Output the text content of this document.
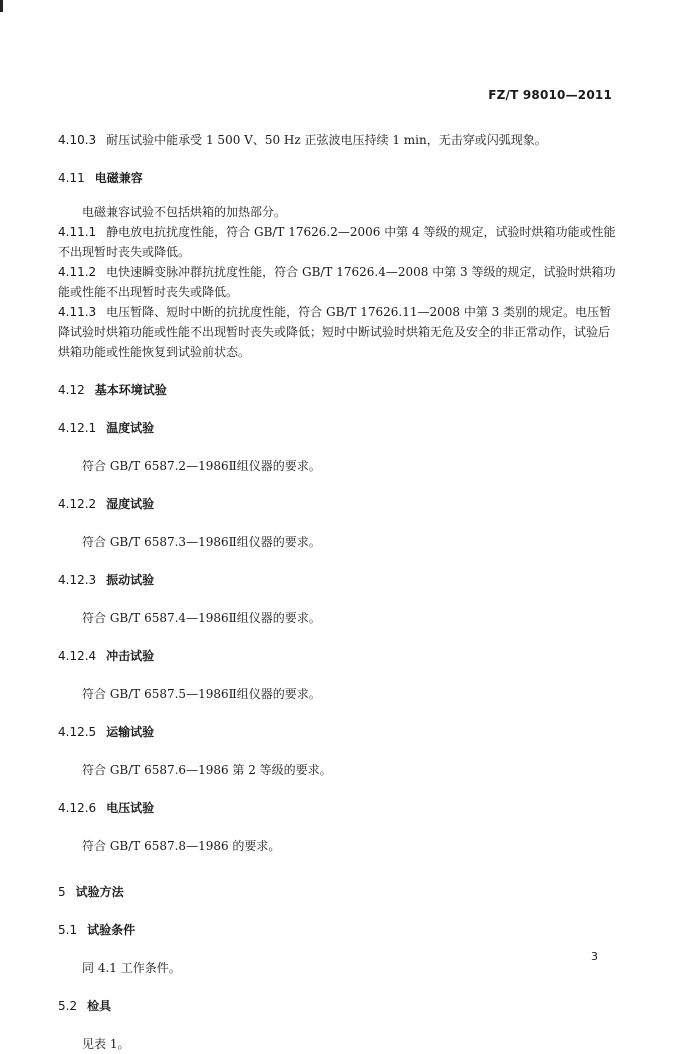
FZ/T 98010—2011

4.10.3 耐压试验中能承受 1 500 V、50 Hz 正弦波电压持续 1 min，无击穿或闪弧现象。

4.11 电磁兼容

电磁兼容试验不包括烘箱的加热部分。

4.11.1 静电放电抗扰度性能，符合 GB/T 17626.2—2006 中第 4 等级的规定，试验时烘箱功能或性能不出现暂时丧失或降低。

4.11.2 电快速瞬变脉冲群抗扰度性能，符合 GB/T 17626.4—2008 中第 3 等级的规定，试验时烘箱功能或性能不出现暂时丧失或降低。

4.11.3 电压暂降、短时中断的抗扰度性能，符合 GB/T 17626.11—2008 中第 3 类别的规定。电压暂降试验时烘箱功能或性能不出现暂时丧失或降低；短时中断试验时烘箱无危及安全的非正常动作，试验后烘箱功能或性能恢复到试验前状态。

4.12 基本环境试验

4.12.1 温度试验

符合 GB/T 6587.2—1986Ⅱ组仪器的要求。

4.12.2 湿度试验

符合 GB/T 6587.3—1986Ⅱ组仪器的要求。

4.12.3 振动试验

符合 GB/T 6587.4—1986Ⅱ组仪器的要求。

4.12.4 冲击试验

符合 GB/T 6587.5—1986Ⅱ组仪器的要求。

4.12.5 运输试验

符合 GB/T 6587.6—1986 第 2 等级的要求。

4.12.6 电压试验

符合 GB/T 6587.8—1986 的要求。

5 试验方法

5.1 试验条件

同 4.1 工作条件。

5.2 检具

见表 1。

3
